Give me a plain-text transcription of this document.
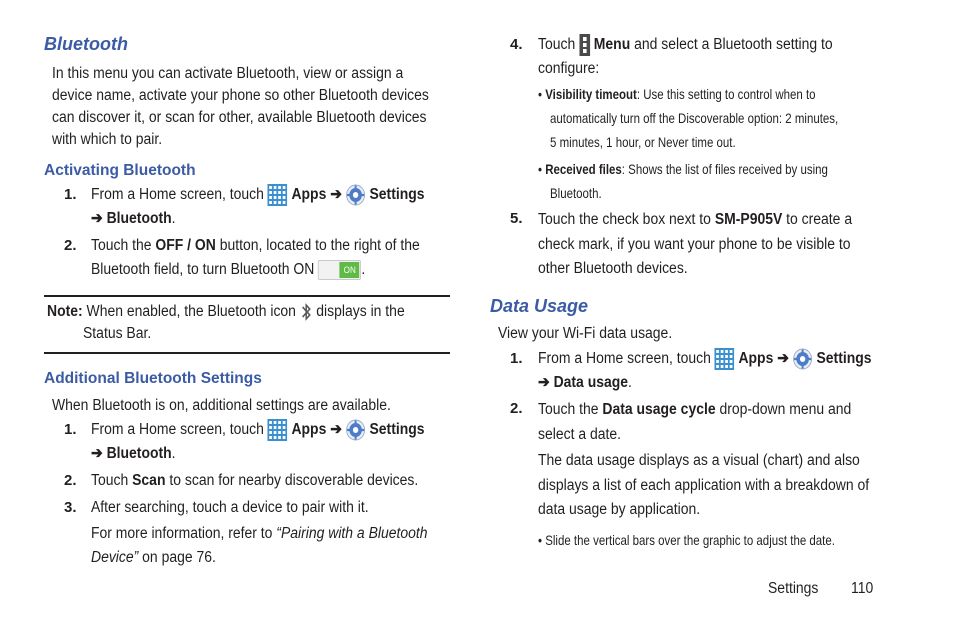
Bluetooth
In this menu you can activate Bluetooth, view or assign a
device name, activate your phone so other Bluetooth devices
can discover it, or scan for other, available Bluetooth devices
with which to pair.
Activating Bluetooth
1. From a Home screen, touch Apps ➔ Settings
➔ Bluetooth.
2. Touch the OFF / ON button, located to the right of the
Bluetooth field, to turn Bluetooth ON	ON .
Note: When enabled, the Bluetooth icon displays in the
Status Bar.
Additional Bluetooth Settings
When Bluetooth is on, additional settings are available.
1. From a Home screen, touch Apps ➔ Settings
➔ Bluetooth.
2. Touch Scan to scan for nearby discoverable devices.
3. After searching, touch a device to pair with it.
For more information, refer to “Pairing with a Bluetooth
Device” on page 76.
4. Touch Menu and select a Bluetooth setting to
configure:
• Visibility timeout: Use this setting to control when to
automatically turn off the Discoverable option: 2 minutes,
5 minutes, 1 hour, or Never time out.
• Received files: Shows the list of files received by using
Bluetooth.
5. Touch the check box next to SM-P905V to create a
check mark, if you want your phone to be visible to
other Bluetooth devices.
Data Usage
View your Wi-Fi data usage.
1. From a Home screen, touch Apps ➔ Settings
➔ Data usage.
2. Touch the Data usage cycle drop-down menu and
select a date.
The data usage displays as a visual (chart) and also
displays a list of each application with a breakdown of
data usage by application.
• Slide the vertical bars over the graphic to adjust the date.
Settings	110
